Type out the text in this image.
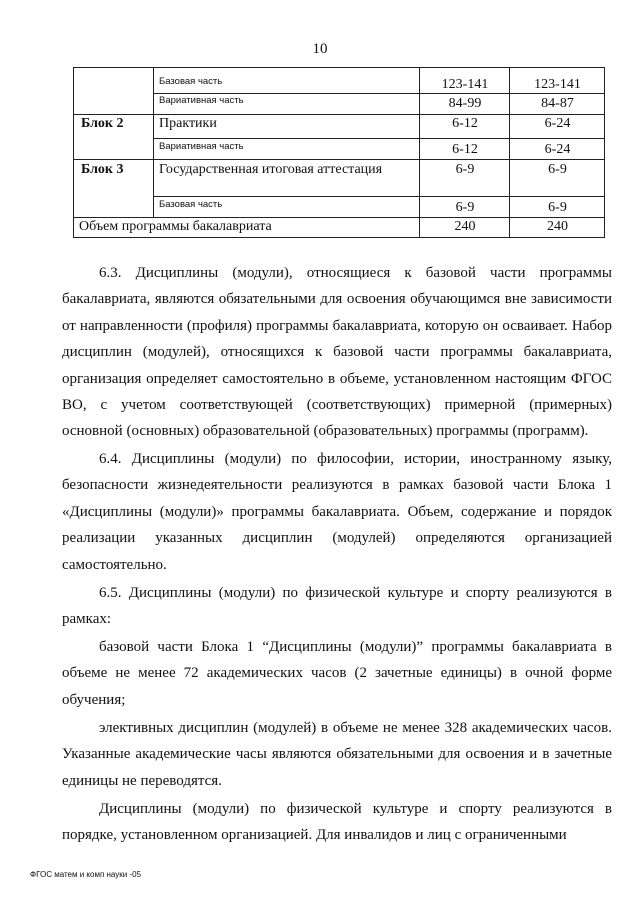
10
Базовая часть	123-141	123-141
Вариативная часть	84-99	84-87
Блок 2	Практики	6-12	6-24
Вариативная часть	6-12	6-24
Блок 3	Государственная итоговая аттестация	6-9	6-9
Базовая часть	6-9	6-9
Объем программы бакалавриата	240	240

6.3. Дисциплины (модули), относящиеся к базовой части программы бакалавриата, являются обязательными для освоения обучающимся вне зависимости от направленности (профиля) программы бакалавриата, которую он осваивает. Набор дисциплин (модулей), относящихся к базовой части программы бакалавриата, организация определяет самостоятельно в объеме, установленном настоящим ФГОС ВО, с учетом соответствующей (соответствующих) примерной (примерных) основной (основных) образовательной (образовательных) программы (программ).

6.4. Дисциплины (модули) по философии, истории, иностранному языку, безопасности жизнедеятельности реализуются в рамках базовой части Блока 1 «Дисциплины (модули)» программы бакалавриата. Объем, содержание и порядок реализации указанных дисциплин (модулей) определяются организацией самостоятельно.

6.5. Дисциплины (модули) по физической культуре и спорту реализуются в рамках:

базовой части Блока 1 “Дисциплины (модули)” программы бакалавриата в объеме не менее 72 академических часов (2 зачетные единицы) в очной форме обучения;

элективных дисциплин (модулей) в объеме не менее 328 академических часов. Указанные академические часы являются обязательными для освоения и в зачетные единицы не переводятся.

Дисциплины (модули) по физической культуре и спорту реализуются в порядке, установленном организацией. Для инвалидов и лиц с ограниченными

ФГОС матем и комп науки -05
